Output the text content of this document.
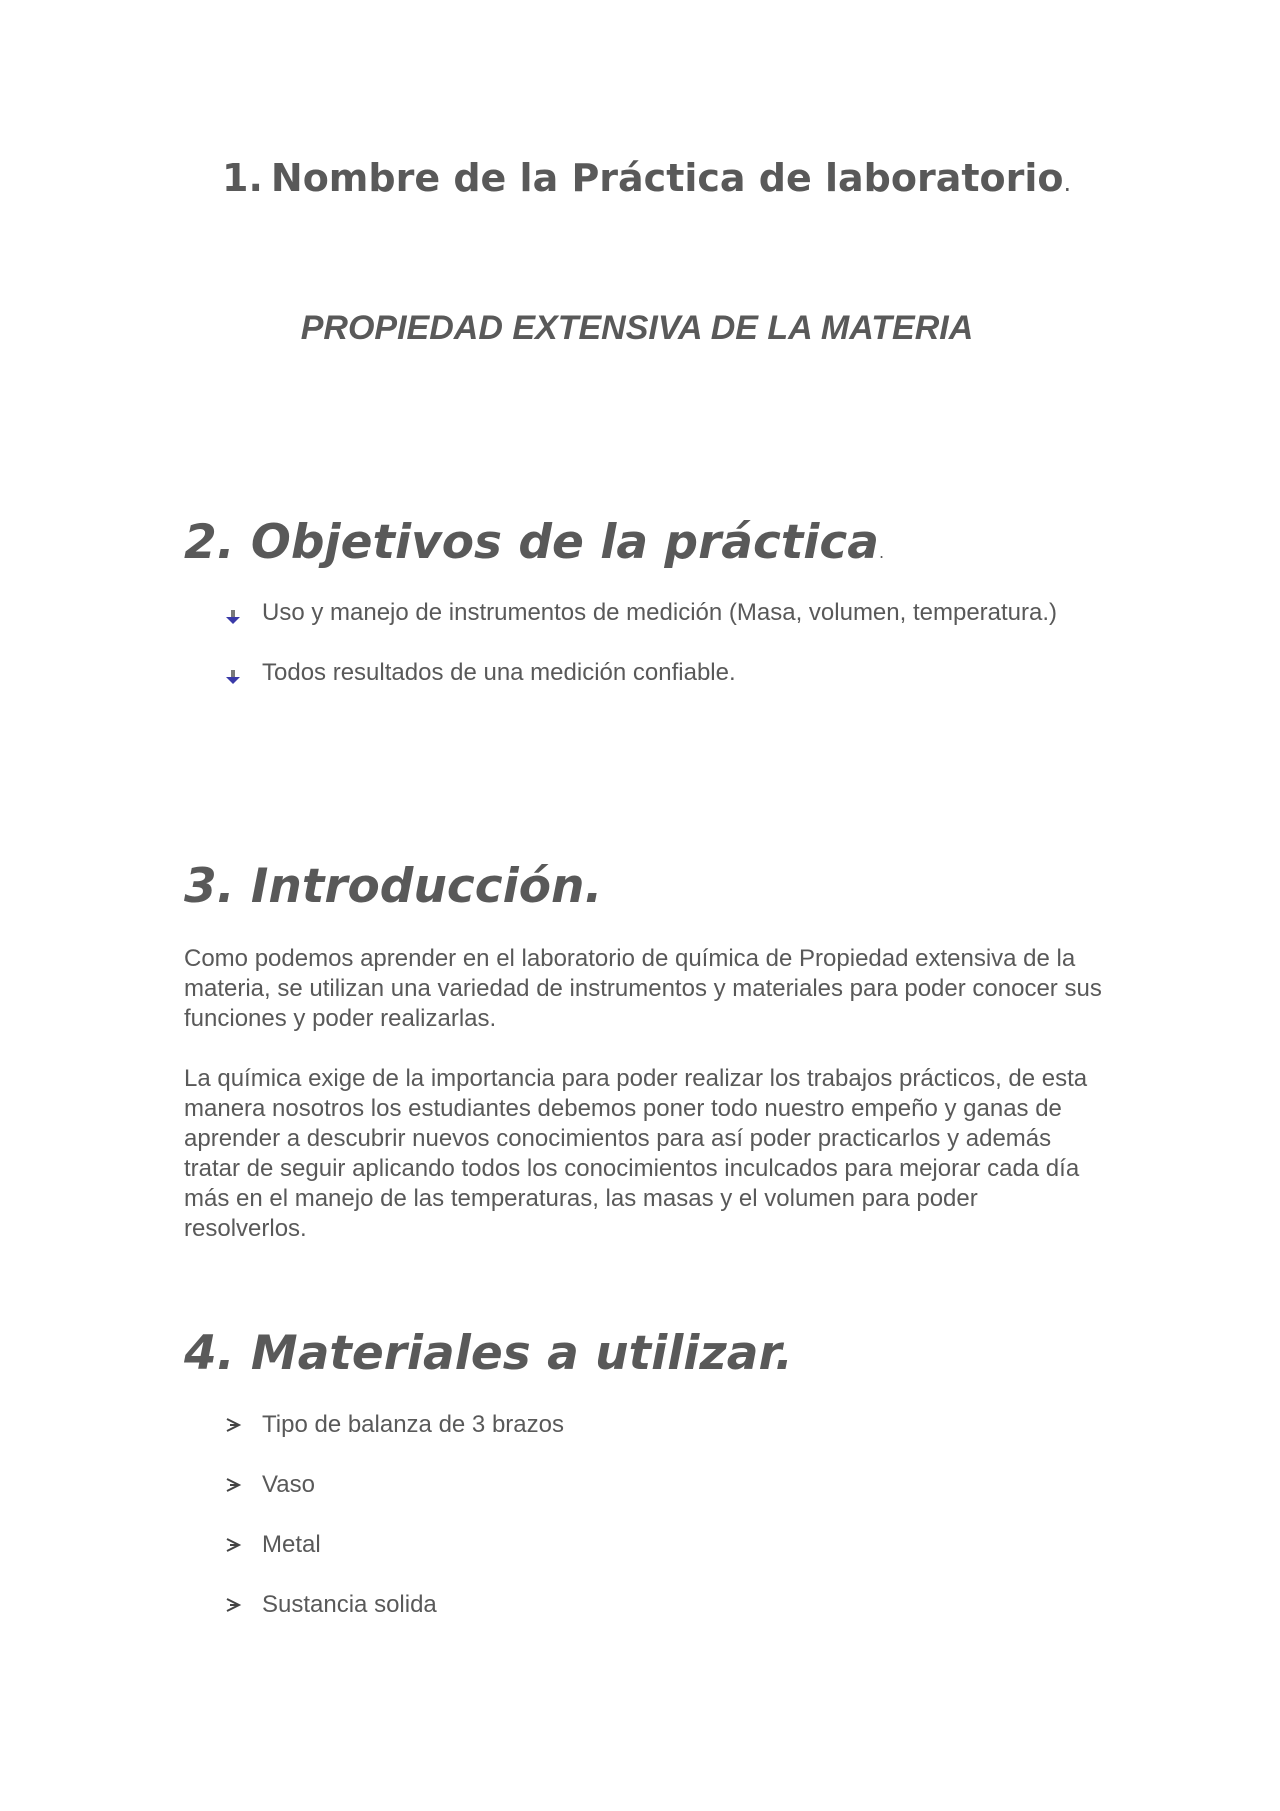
1. Nombre de la Práctica de laboratorio.

PROPIEDAD EXTENSIVA DE LA MATERIA

2. Objetivos de la práctica.
Uso y manejo de instrumentos de medición (Masa, volumen, temperatura.)
Todos resultados de una medición confiable.
3. Introducción.

Como podemos aprender en el laboratorio de química de Propiedad extensiva de la materia, se utilizan una variedad de instrumentos y materiales para poder conocer sus funciones y poder realizarlas.

La química exige de la importancia para poder realizar los trabajos prácticos, de esta manera nosotros los estudiantes debemos poner todo nuestro empeño y ganas de aprender a descubrir nuevos conocimientos para así poder practicarlos y además tratar de seguir aplicando todos los conocimientos inculcados para mejorar cada día más en el manejo de las temperaturas, las masas y el volumen para poder resolverlos.

4. Materiales a utilizar.
Tipo de balanza de 3 brazos
Vaso
Metal
Sustancia solida
